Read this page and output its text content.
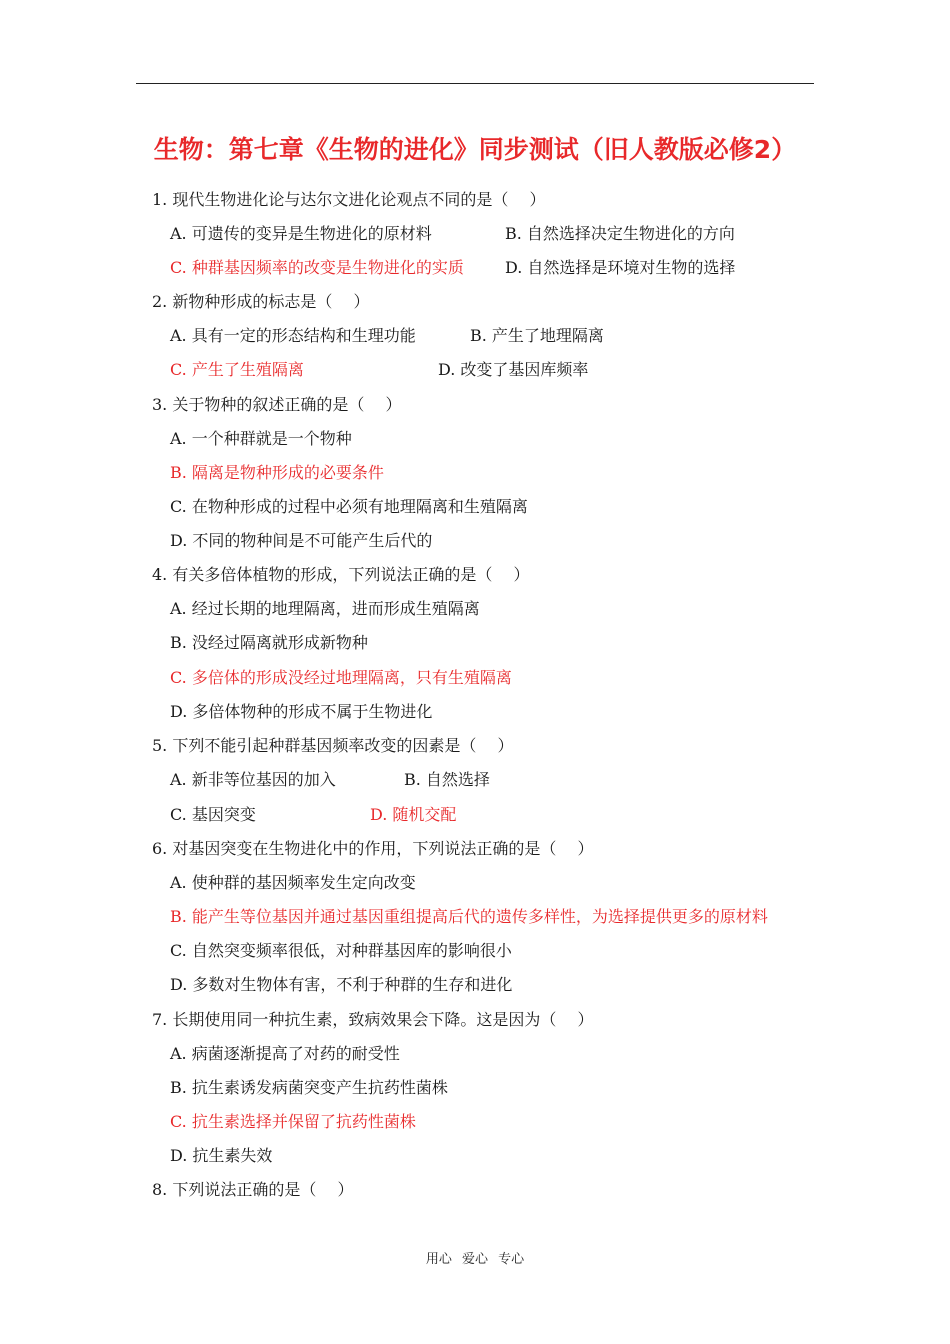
生物：第七章《生物的进化》同步测试（旧人教版必修2）
1. 现代生物进化论与达尔文进化论观点不同的是（　 ）
A. 可遗传的变异是生物进化的原材料	B. 自然选择决定生物进化的方向
C. 种群基因频率的改变是生物进化的实质	D. 自然选择是环境对生物的选择
2. 新物种形成的标志是（　 ）
A. 具有一定的形态结构和生理功能	B. 产生了地理隔离
C. 产生了生殖隔离	D. 改变了基因库频率
3. 关于物种的叙述正确的是（　 ）
A. 一个种群就是一个物种
B. 隔离是物种形成的必要条件
C. 在物种形成的过程中必须有地理隔离和生殖隔离
D. 不同的物种间是不可能产生后代的
4. 有关多倍体植物的形成，下列说法正确的是（　 ）
A. 经过长期的地理隔离，进而形成生殖隔离
B. 没经过隔离就形成新物种
C. 多倍体的形成没经过地理隔离，只有生殖隔离
D. 多倍体物种的形成不属于生物进化
5. 下列不能引起种群基因频率改变的因素是（　 ）
A. 新非等位基因的加入	B. 自然选择
C. 基因突变	D. 随机交配
6. 对基因突变在生物进化中的作用，下列说法正确的是（　 ）
A. 使种群的基因频率发生定向改变
B. 能产生等位基因并通过基因重组提高后代的遗传多样性，为选择提供更多的原材料
C. 自然突变频率很低，对种群基因库的影响很小
D. 多数对生物体有害，不利于种群的生存和进化
7. 长期使用同一种抗生素，致病效果会下降。这是因为（　 ）
A. 病菌逐渐提高了对药的耐受性
B. 抗生素诱发病菌突变产生抗药性菌株
C. 抗生素选择并保留了抗药性菌株
D. 抗生素失效
8. 下列说法正确的是（　 ）
用心 爱心 专心
